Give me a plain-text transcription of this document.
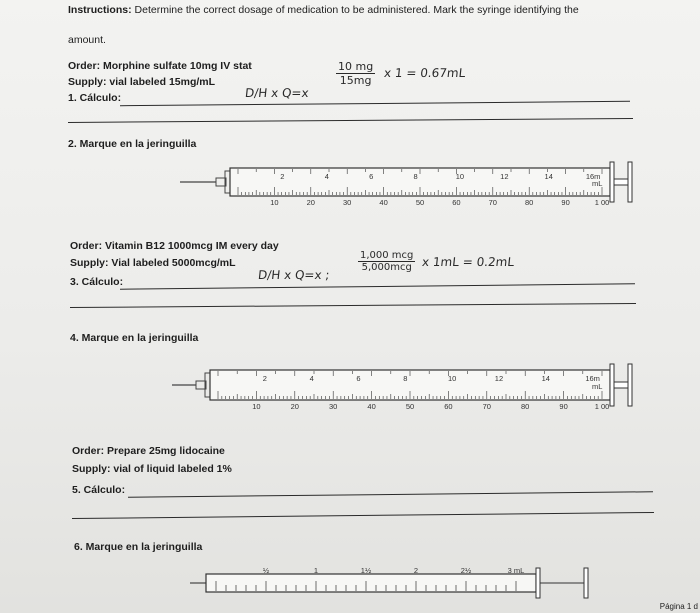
Instructions: Determine the correct dosage of medication to be administered. Mark the syringe identifying the
amount.
Order: Morphine sulfate 10mg IV stat
Supply: vial labeled 15mg/mL
1. Cálculo:	D/H x Q=x
10 mg
15mg
x 1 = 0.67mL
2. Marque en la jeringuilla
2	4	6	8	10	12	14	16m
10	20	30	40	50	60	70	80	90	1 00
mL
Order: Vitamin B12 1000mcg IM every day
Supply: Vial labeled 5000mcg/mL
3. Cálculo:	D/H x Q=x ;
1,000 mcg
5,000mcg x 1mL = 0.2mL
4. Marque en la jeringuilla
2	4	6	8	10	12	14	16m
10	20	30	40	50	60	70	80	90	1 00
mL
Order: Prepare 25mg lidocaine
Supply: vial of liquid labeled 1%
5. Cálculo:
6. Marque en la jeringuilla
½	1	1½	2	2½	3 mL
Página 1 d
